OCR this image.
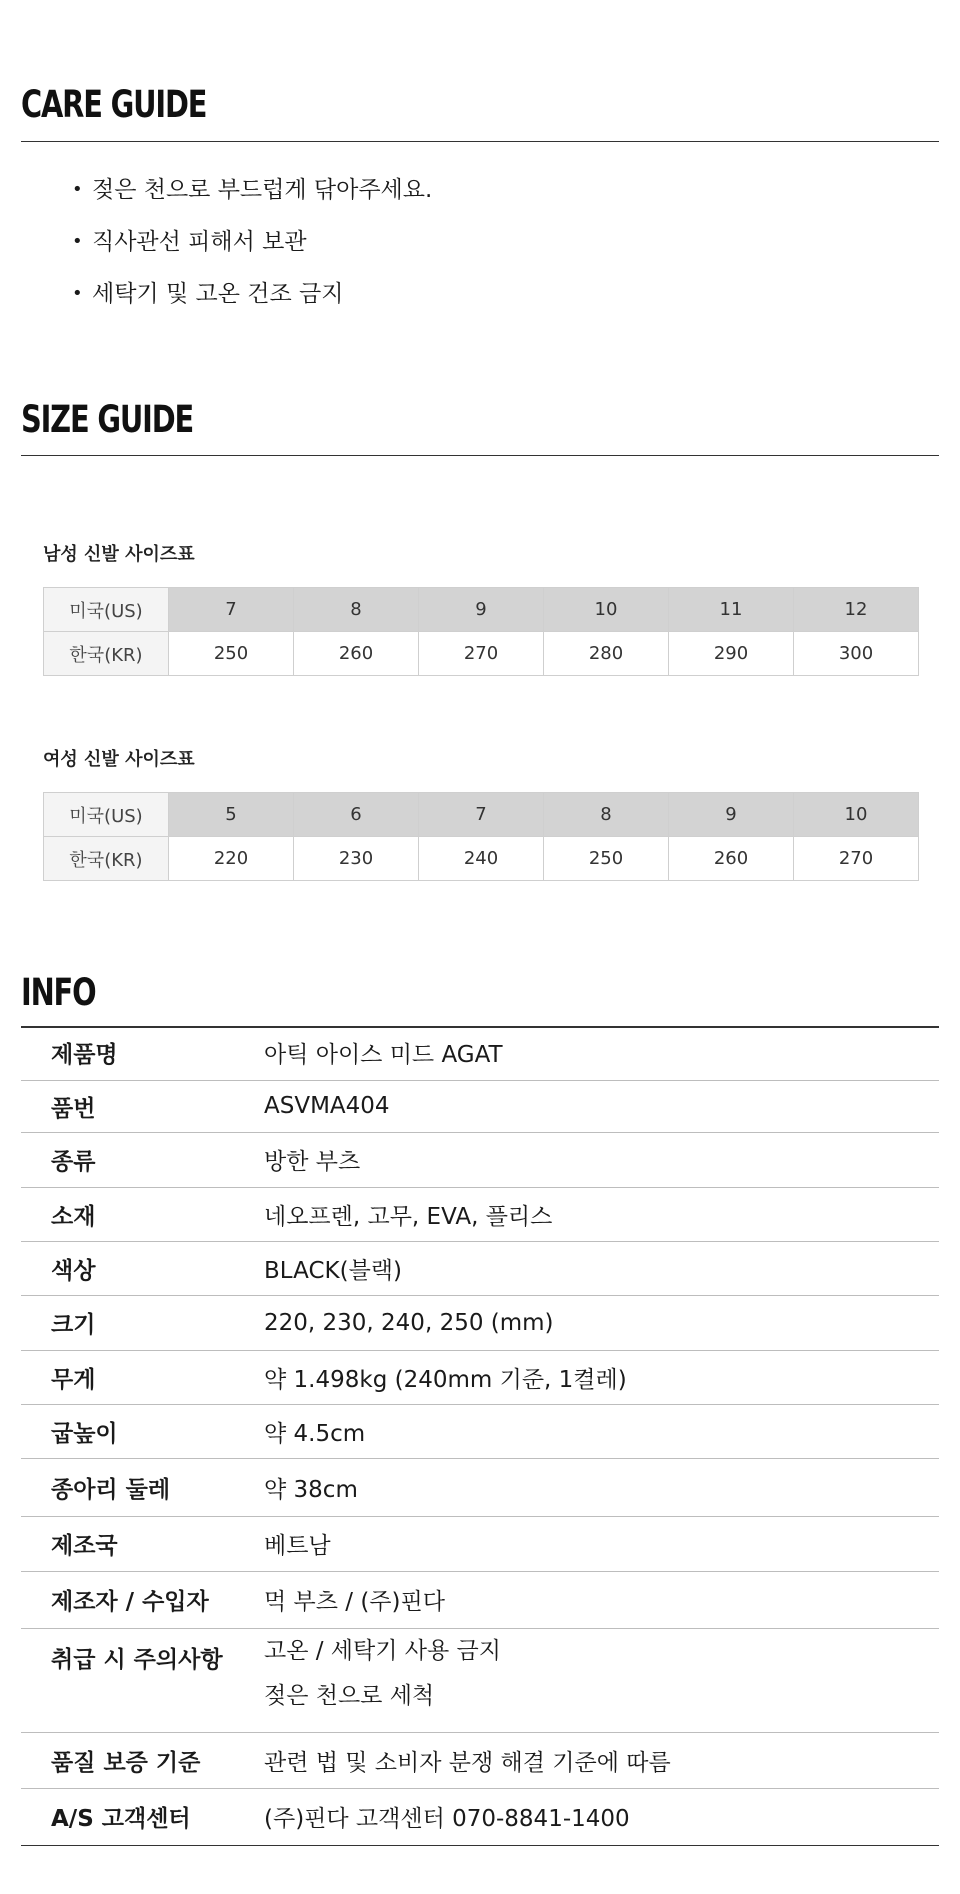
CARE GUIDE
• 젖은 천으로 부드럽게 닦아주세요.
• 직사관선 피해서 보관
• 세탁기 및 고온 건조 금지
SIZE GUIDE
남성 신발 사이즈표
미국(US)	7	8	9	10	11	12
한국(KR)	250	260	270	280	290	300
여성 신발 사이즈표
미국(US)	5	6	7	8	9	10
한국(KR)	220	230	240	250	260	270
INFO
제품명	아틱 아이스 미드 AGAT
품번	ASVMA404
종류	방한 부츠
소재	네오프렌, 고무, EVA, 플리스
색상	BLACK(블랙)
크기	220, 230, 240, 250 (mm)
무게	약 1.498kg (240mm 기준, 1켤레)
굽높이	약 4.5cm
종아리 둘레	약 38cm
제조국	베트남
제조자 / 수입자	먹 부츠 / (주)핀다
취급 시 주의사항	고온 / 세탁기 사용 금지
젖은 천으로 세척

품질 보증 기준	관련 법 및 소비자 분쟁 해결 기준에 따름
A/S 고객센터	(주)핀다 고객센터 070-8841-1400
